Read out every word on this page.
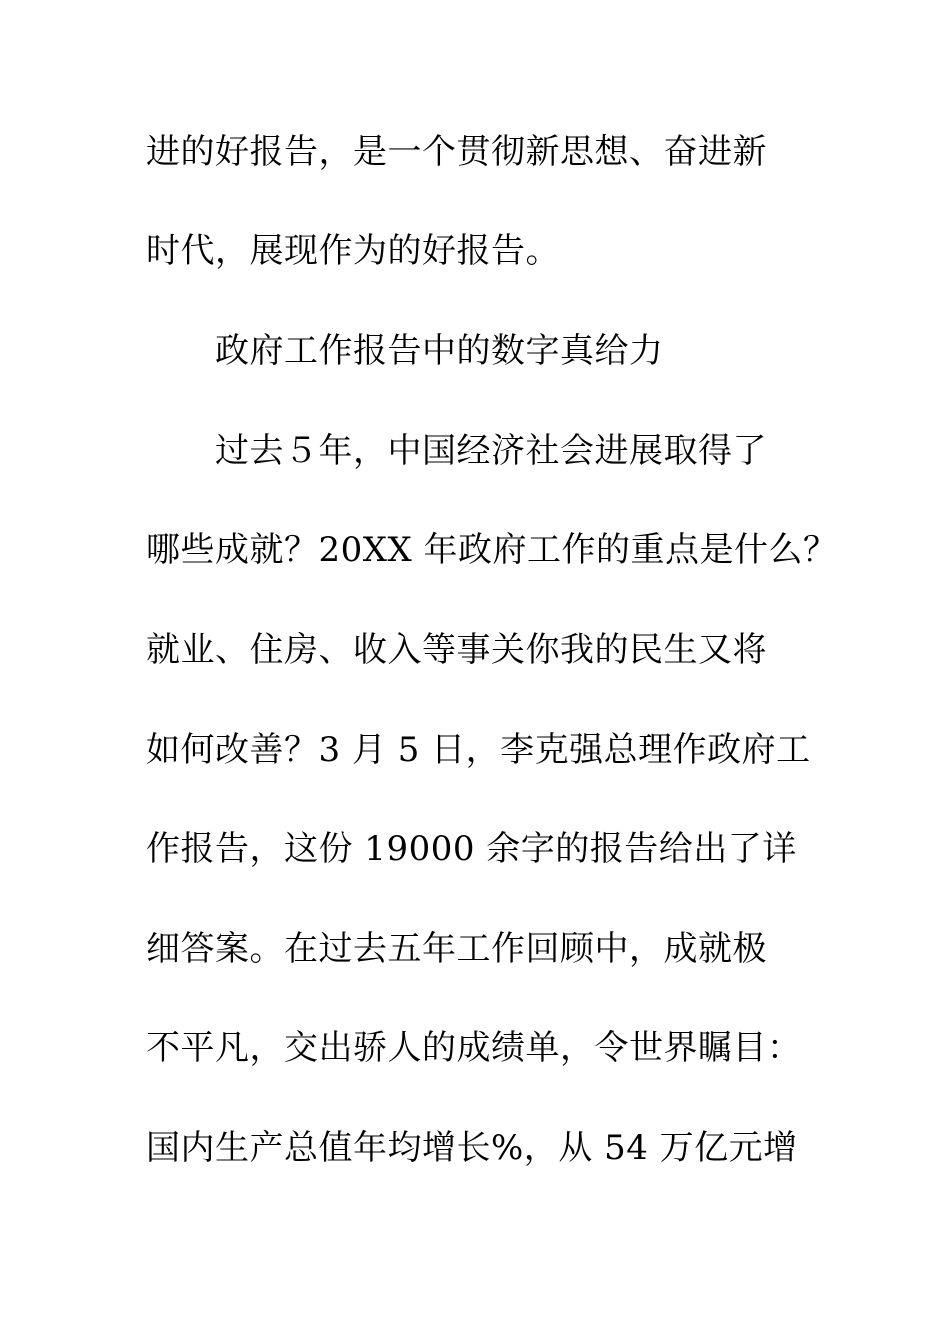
进的好报告，是一个贯彻新思想、奋进新
时代，展现作为的好报告。
政府工作报告中的数字真给力
过去５年，中国经济社会进展取得了
哪些成就？20XX 年政府工作的重点是什么？
就业、住房、收入等事关你我的民生又将
如何改善？3 月 5 日，李克强总理作政府工
作报告，这份 19000 余字的报告给出了详
细答案。在过去五年工作回顾中，成就极
不平凡，交出骄人的成绩单，令世界瞩目：
国内生产总值年均增长%，从 54 万亿元增
